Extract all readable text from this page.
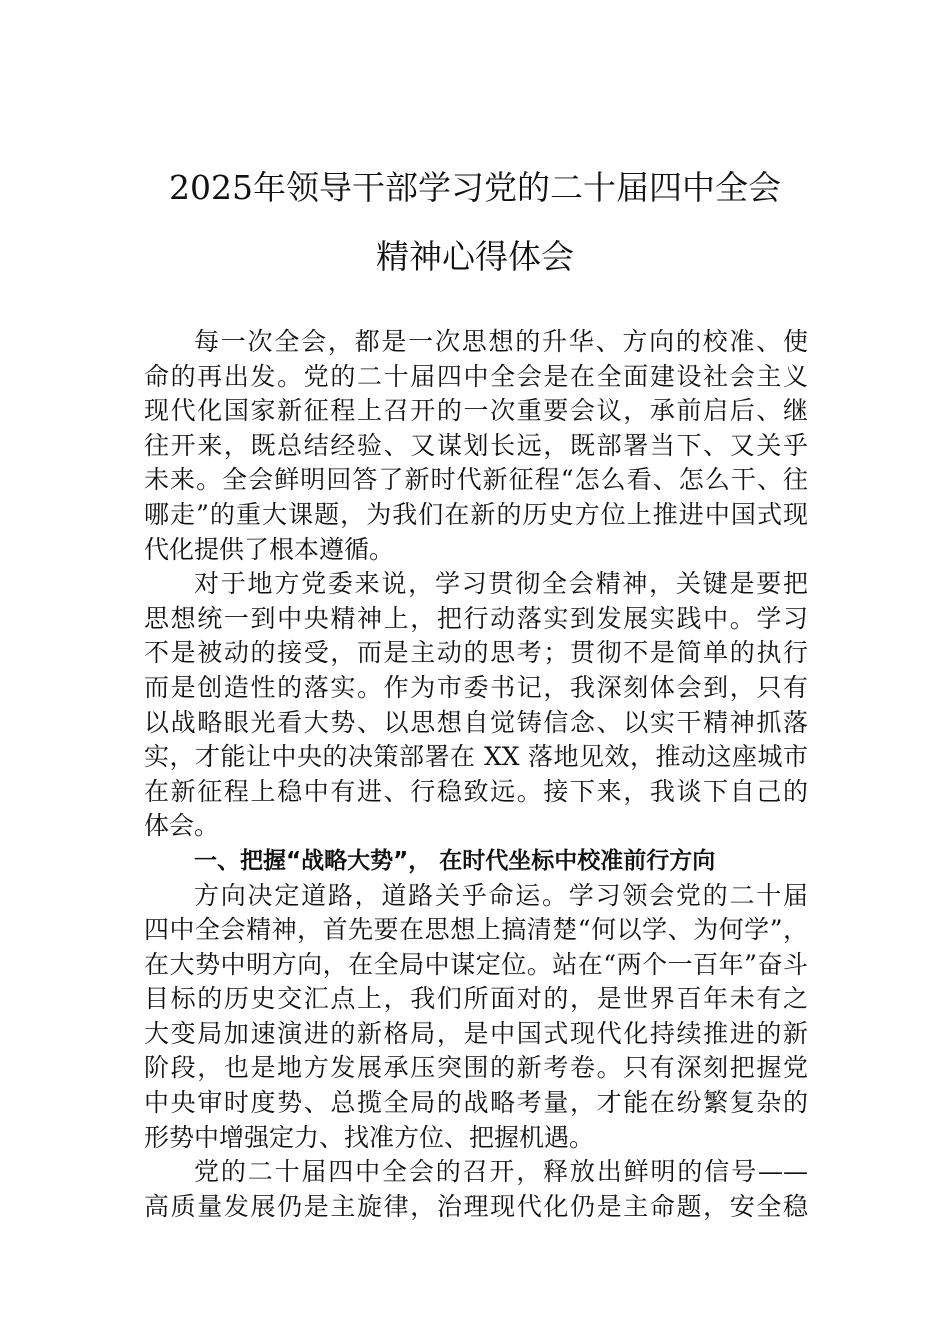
2025年领导干部学习党的二十届四中全会
精神心得体会
每一次全会，都是一次思想的升华、方向的校准、使
命的再出发。党的二十届四中全会是在全面建设社会主义
现代化国家新征程上召开的一次重要会议，承前启后、继
往开来，既总结经验、又谋划长远，既部署当下、又关乎
未来。全会鲜明回答了新时代新征程“怎么看、怎么干、往
哪走”的重大课题，为我们在新的历史方位上推进中国式现
代化提供了根本遵循。
对于地方党委来说，学习贯彻全会精神，关键是要把
思想统一到中央精神上，把行动落实到发展实践中。学习
不是被动的接受，而是主动的思考；贯彻不是简单的执行
而是创造性的落实。作为市委书记，我深刻体会到，只有
以战略眼光看大势、以思想自觉铸信念、以实干精神抓落
实，才能让中央的决策部署在 XX 落地见效，推动这座城市
在新征程上稳中有进、行稳致远。接下来，我谈下自己的
体会。
一、把握“战略大势”， 在时代坐标中校准前行方向
方向决定道路，道路关乎命运。学习领会党的二十届
四中全会精神，首先要在思想上搞清楚“何以学、为何学”，
在大势中明方向，在全局中谋定位。站在“两个一百年”奋斗
目标的历史交汇点上，我们所面对的，是世界百年未有之
大变局加速演进的新格局，是中国式现代化持续推进的新
阶段，也是地方发展承压突围的新考卷。只有深刻把握党
中央审时度势、总揽全局的战略考量，才能在纷繁复杂的
形势中增强定力、找准方位、把握机遇。
党的二十届四中全会的召开，释放出鲜明的信号——
高质量发展仍是主旋律，治理现代化仍是主命题，安全稳
